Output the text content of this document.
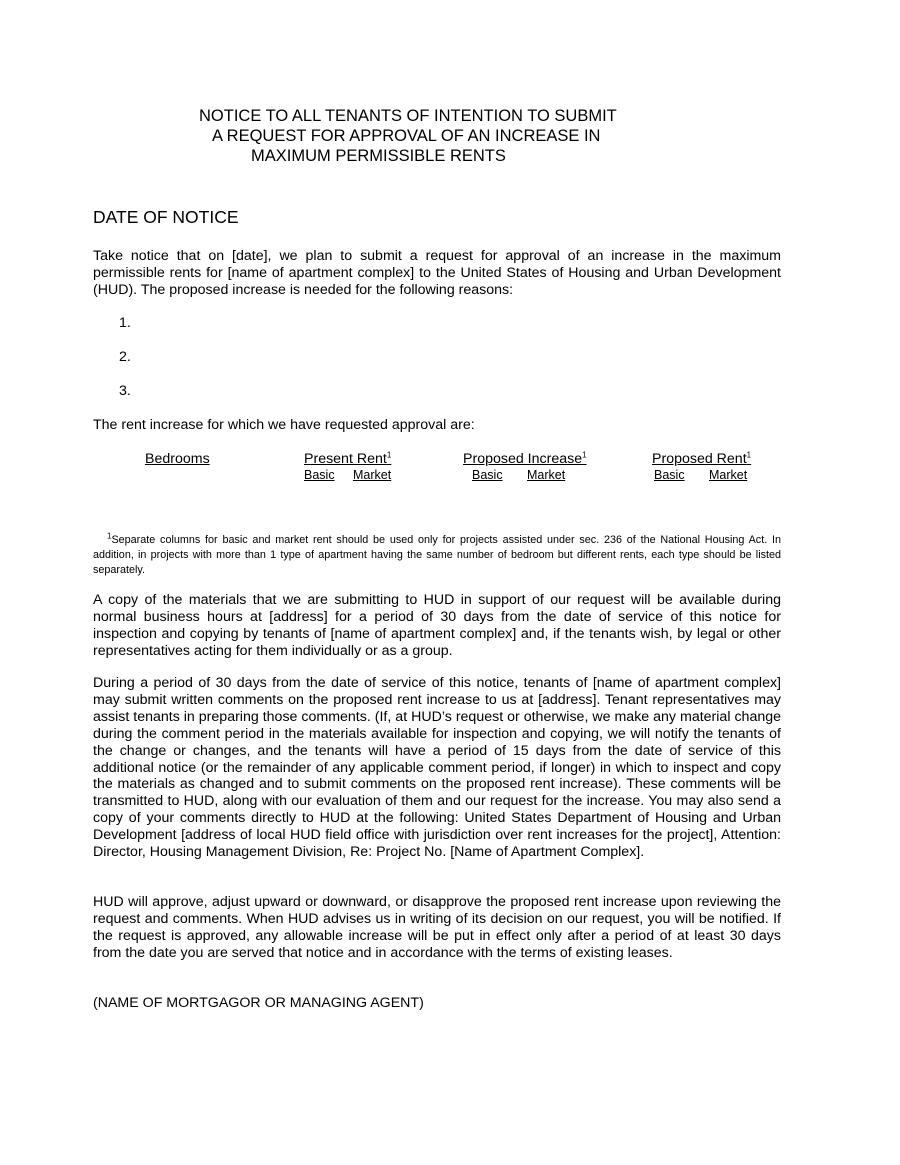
NOTICE TO ALL TENANTS OF INTENTION TO SUBMIT
A REQUEST FOR APPROVAL OF AN INCREASE IN
MAXIMUM PERMISSIBLE RENTS
DATE OF NOTICE

Take notice that on [date], we plan to submit a request for approval of an increase in the maximum permissible rents for [name of apartment complex] to the United States of Housing and Urban Development (HUD). The proposed increase is needed for the following reasons:

1.
2.
3.
The rent increase for which we have requested approval are:
Bedrooms	Present Rent$^1$
Basic Market
Proposed Increase$^1$
Basic Market
Proposed Rent$^1$
Basic Market

$^1$Separate columns for basic and market rent should be used only for projects assisted under sec. 236 of the National Housing Act. In addition, in projects with more than 1 type of apartment having the same number of bedroom but different rents, each type should be listed separately.

A copy of the materials that we are submitting to HUD in support of our request will be available during normal business hours at [address] for a period of 30 days from the date of service of this notice for inspection and copying by tenants of [name of apartment complex] and, if the tenants wish, by legal or other representatives acting for them individually or as a group.

During a period of 30 days from the date of service of this notice, tenants of [name of apartment complex] may submit written comments on the proposed rent increase to us at [address]. Tenant representatives may assist tenants in preparing those comments. (If, at HUD’s request or otherwise, we make any material change during the comment period in the materials available for inspection and copying, we will notify the tenants of the change or changes, and the tenants will have a period of 15 days from the date of service of this additional notice (or the remainder of any applicable comment period, if longer) in which to inspect and copy the materials as changed and to submit comments on the proposed rent increase). These comments will be transmitted to HUD, along with our evaluation of them and our request for the increase. You may also send a copy of your comments directly to HUD at the following: United States Department of Housing and Urban Development [address of local HUD field office with jurisdiction over rent increases for the project], Attention: Director, Housing Management Division, Re: Project No. [Name of Apartment Complex].

HUD will approve, adjust upward or downward, or disapprove the proposed rent increase upon reviewing the request and comments. When HUD advises us in writing of its decision on our request, you will be notified. If the request is approved, any allowable increase will be put in effect only after a period of at least 30 days from the date you are served that notice and in accordance with the terms of existing leases.

(NAME OF MORTGAGOR OR MANAGING AGENT)
